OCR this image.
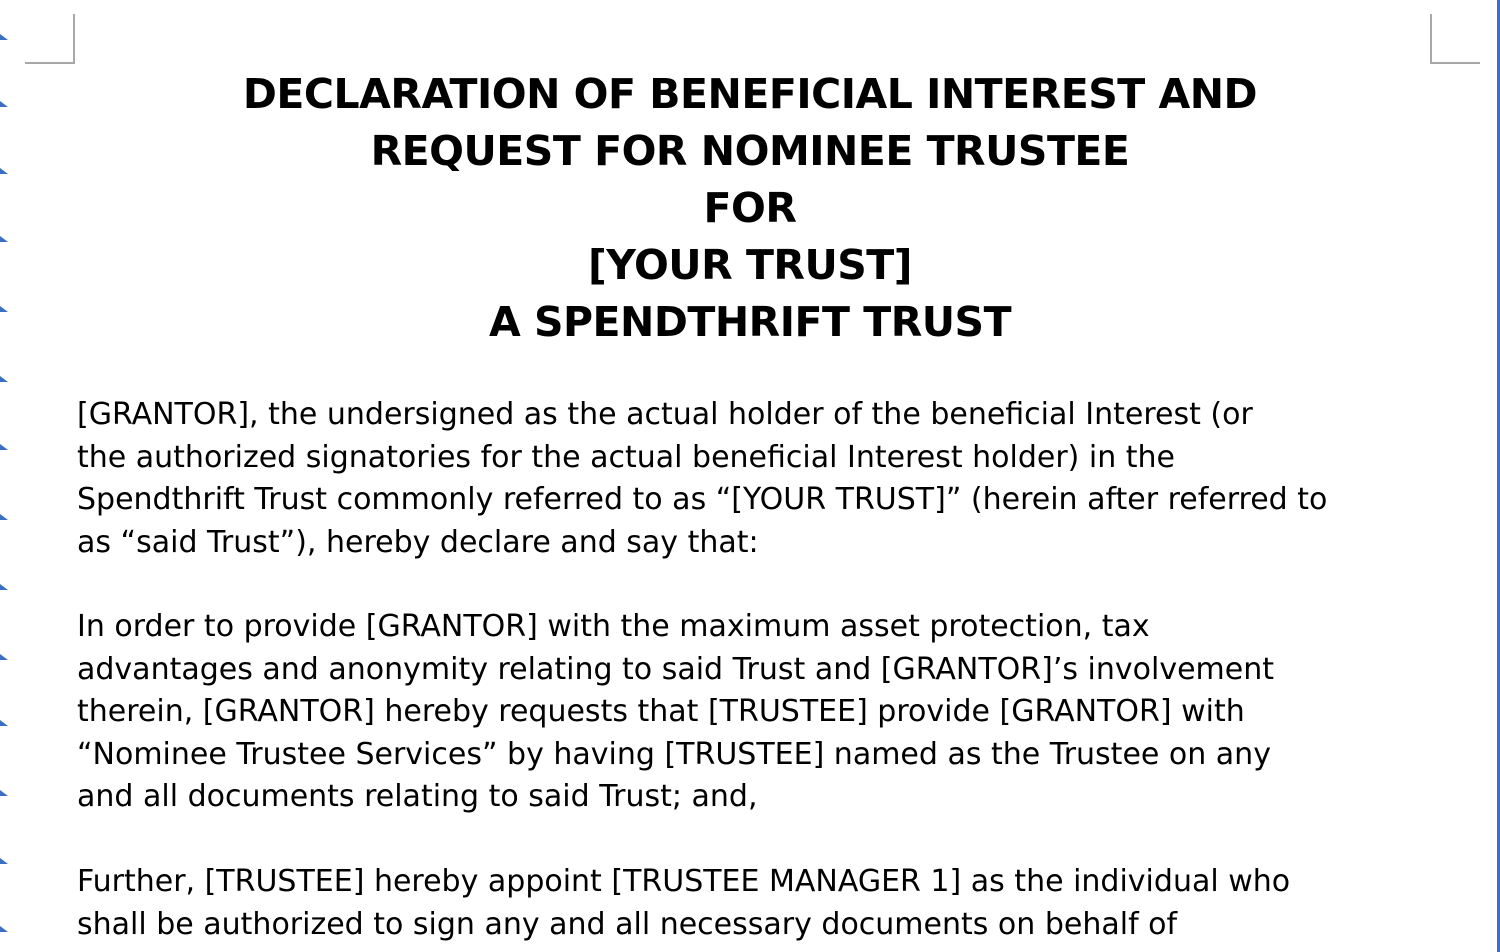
DECLARATION OF BENEFICIAL INTEREST AND
REQUEST FOR NOMINEE TRUSTEE
FOR
[YOUR TRUST]
A SPENDTHRIFT TRUST
[GRANTOR], the undersigned as the actual holder of the beneficial Interest (or
the authorized signatories for the actual beneficial Interest holder) in the
Spendthrift Trust commonly referred to as “[YOUR TRUST]” (herein after referred to
as “said Trust”), hereby declare and say that:
In order to provide [GRANTOR] with the maximum asset protection, tax
advantages and anonymity relating to said Trust and [GRANTOR]’s involvement
therein, [GRANTOR] hereby requests that [TRUSTEE] provide [GRANTOR] with
“Nominee Trustee Services” by having [TRUSTEE] named as the Trustee on any
and all documents relating to said Trust; and,
Further, [TRUSTEE] hereby appoint [TRUSTEE MANAGER 1] as the individual who
shall be authorized to sign any and all necessary documents on behalf of
